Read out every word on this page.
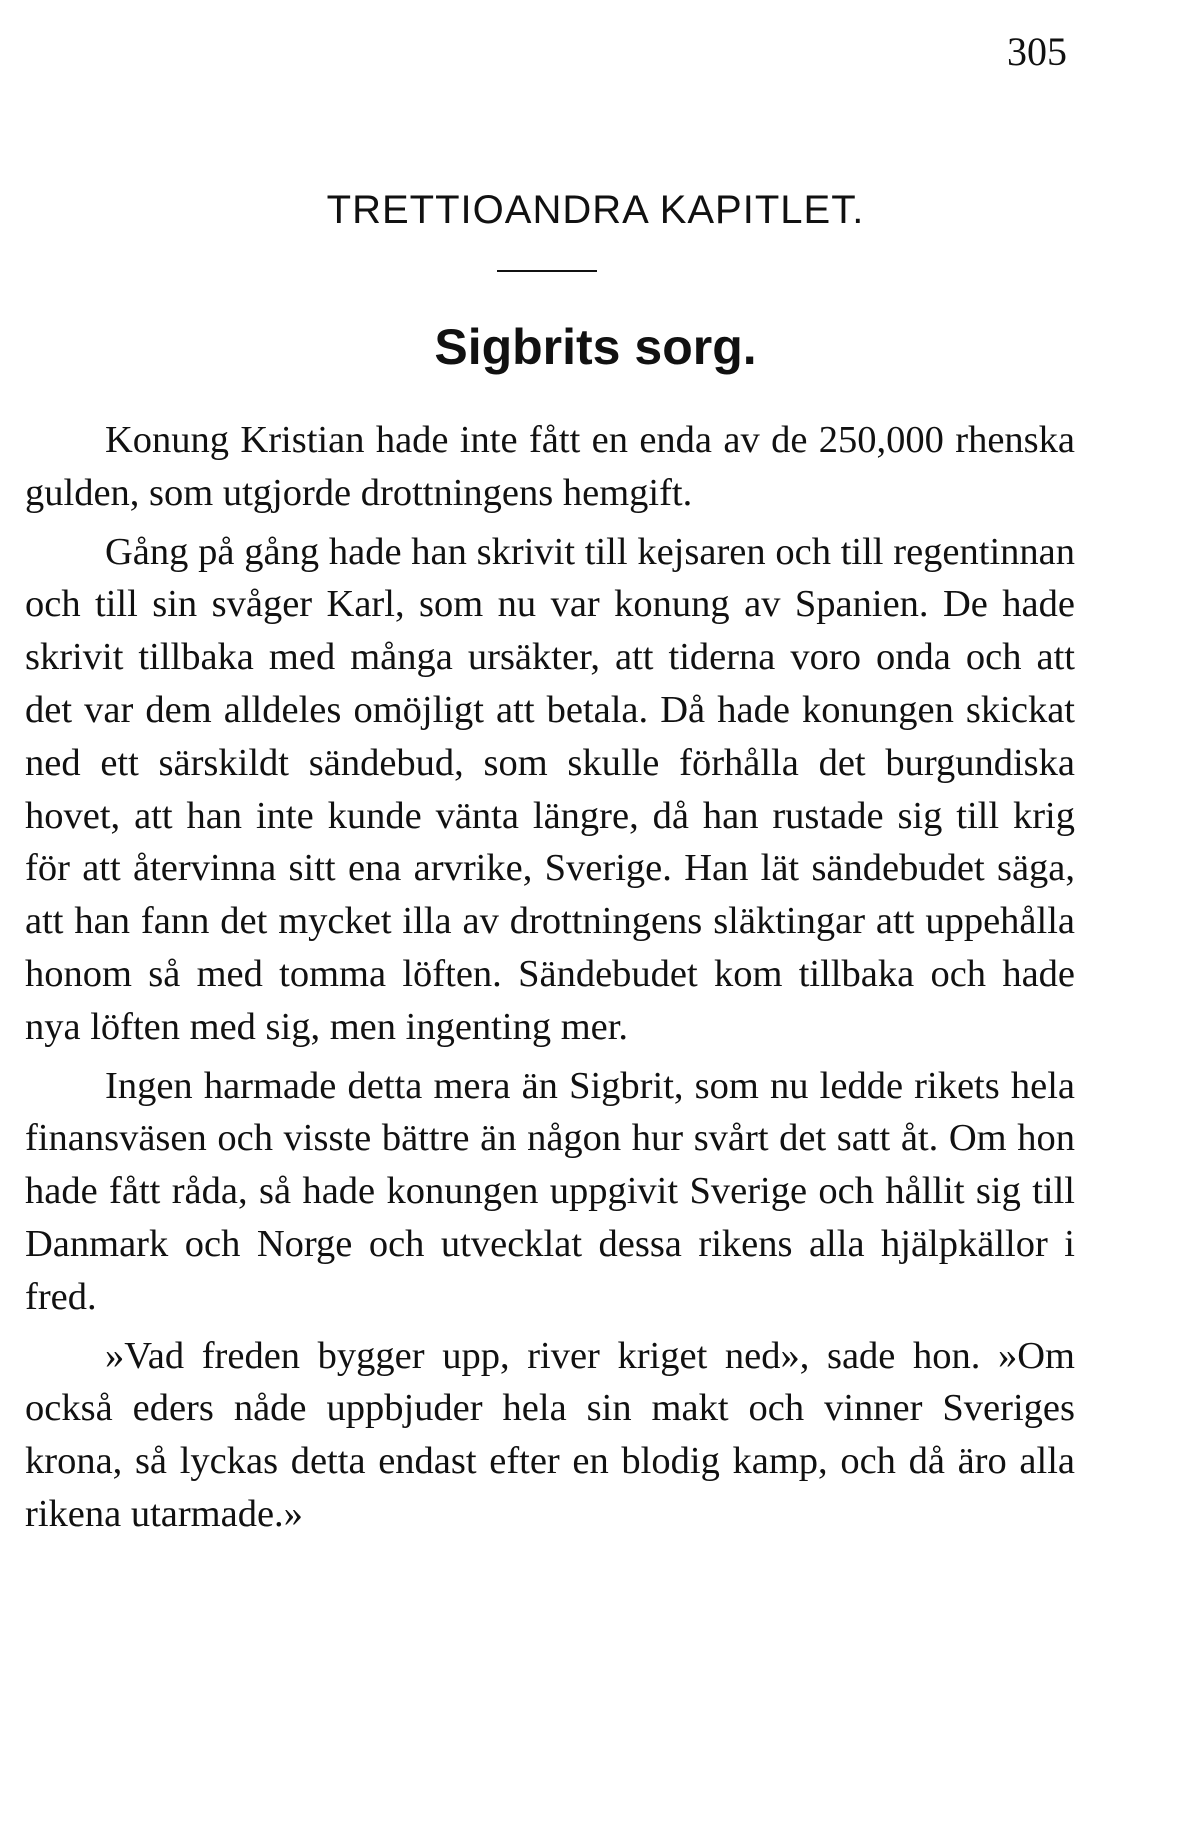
305
TRETTIOANDRA KAPITLET.
Sigbrits sorg.

Konung Kristian hade inte fått en enda av de 250,000 rhenska gulden, som utgjorde drottningens hemgift.

Gång på gång hade han skrivit till kejsaren och till regentinnan och till sin svåger Karl, som nu var konung av Spanien. De hade skrivit tillbaka med många ursäkter, att tiderna voro onda och att det var dem alldeles omöjligt att betala. Då hade konungen skickat ned ett särskildt sändebud, som skulle förhålla det burgundiska hovet, att han inte kunde vänta längre, då han rustade sig till krig för att återvinna sitt ena arvrike, Sverige. Han lät sändebudet säga, att han fann det mycket illa av drottningens släktingar att uppehålla honom så med tomma löften. Sändebudet kom tillbaka och hade nya löften med sig, men ingenting mer.

Ingen harmade detta mera än Sigbrit, som nu ledde rikets hela finansväsen och visste bättre än någon hur svårt det satt åt. Om hon hade fått råda, så hade konungen uppgivit Sverige och hållit sig till Danmark och Norge och utvecklat dessa rikens alla hjälpkällor i fred.

»Vad freden bygger upp, river kriget ned», sade hon. »Om också eders nåde uppbjuder hela sin makt och vinner Sveriges krona, så lyckas detta endast efter en blodig kamp, och då äro alla rikena utarmade.»
